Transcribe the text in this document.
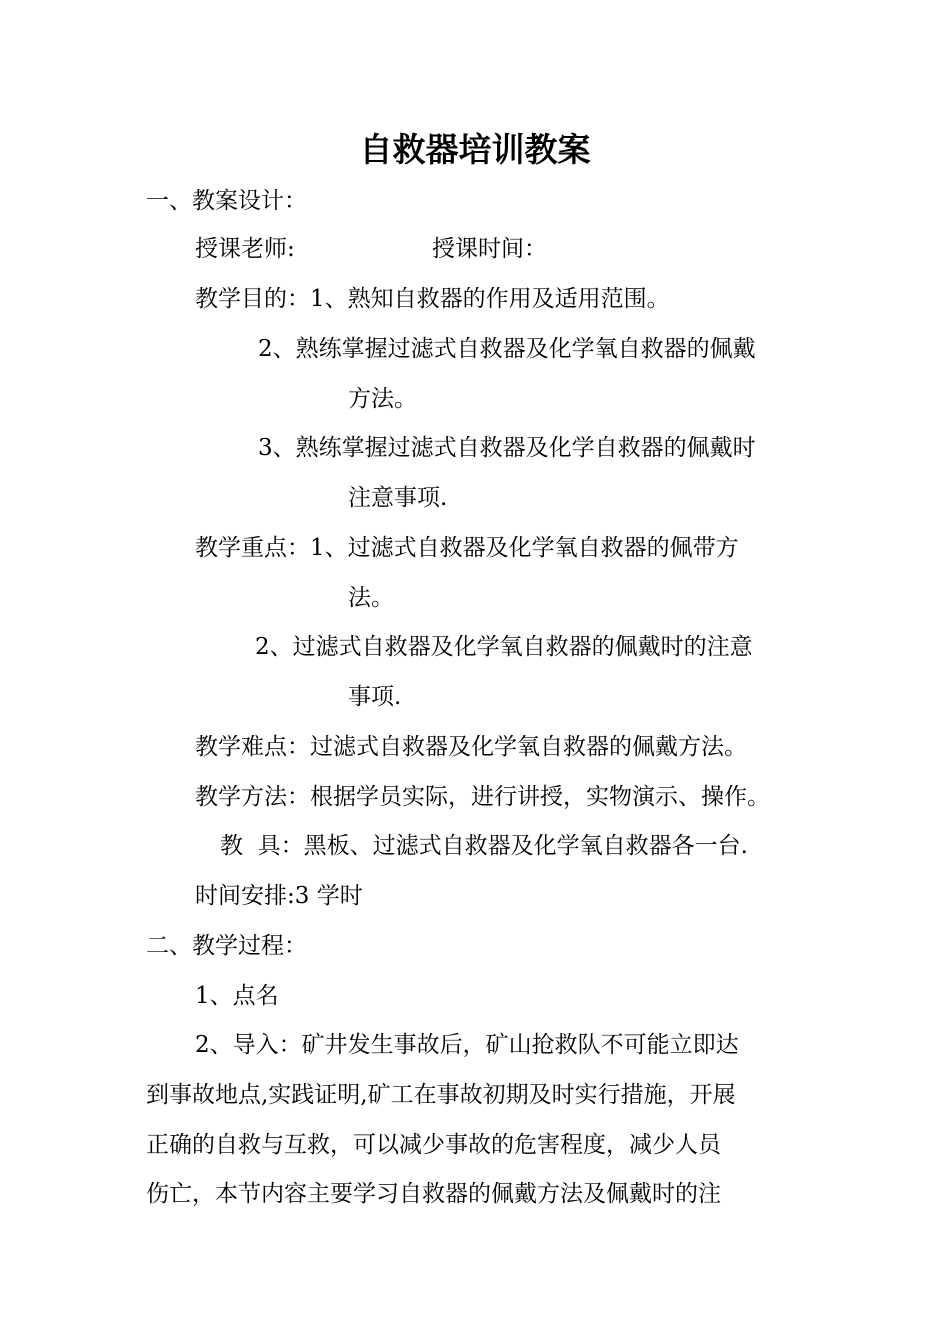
自救器培训教案

一、教案设计：

授课老师:	授课时间：

教学目的：1、熟知自救器的作用及适用范围。

2、熟练掌握过滤式自救器及化学氧自救器的佩戴

方法。

3、熟练掌握过滤式自救器及化学自救器的佩戴时

注意事项.

教学重点：1、过滤式自救器及化学氧自救器的佩带方

法。

2、过滤式自救器及化学氧自救器的佩戴时的注意

事项.

教学难点：过滤式自救器及化学氧自救器的佩戴方法。

教学方法：根据学员实际，进行讲授，实物演示、操作。

教  具：黑板、过滤式自救器及化学氧自救器各一台.

时间安排:3 学时

二、教学过程：

1、点名

2、导入：矿井发生事故后，矿山抢救队不可能立即达

到事故地点,实践证明,矿工在事故初期及时实行措施，开展

正确的自救与互救，可以减少事故的危害程度，减少人员

伤亡，本节内容主要学习自救器的佩戴方法及佩戴时的注
